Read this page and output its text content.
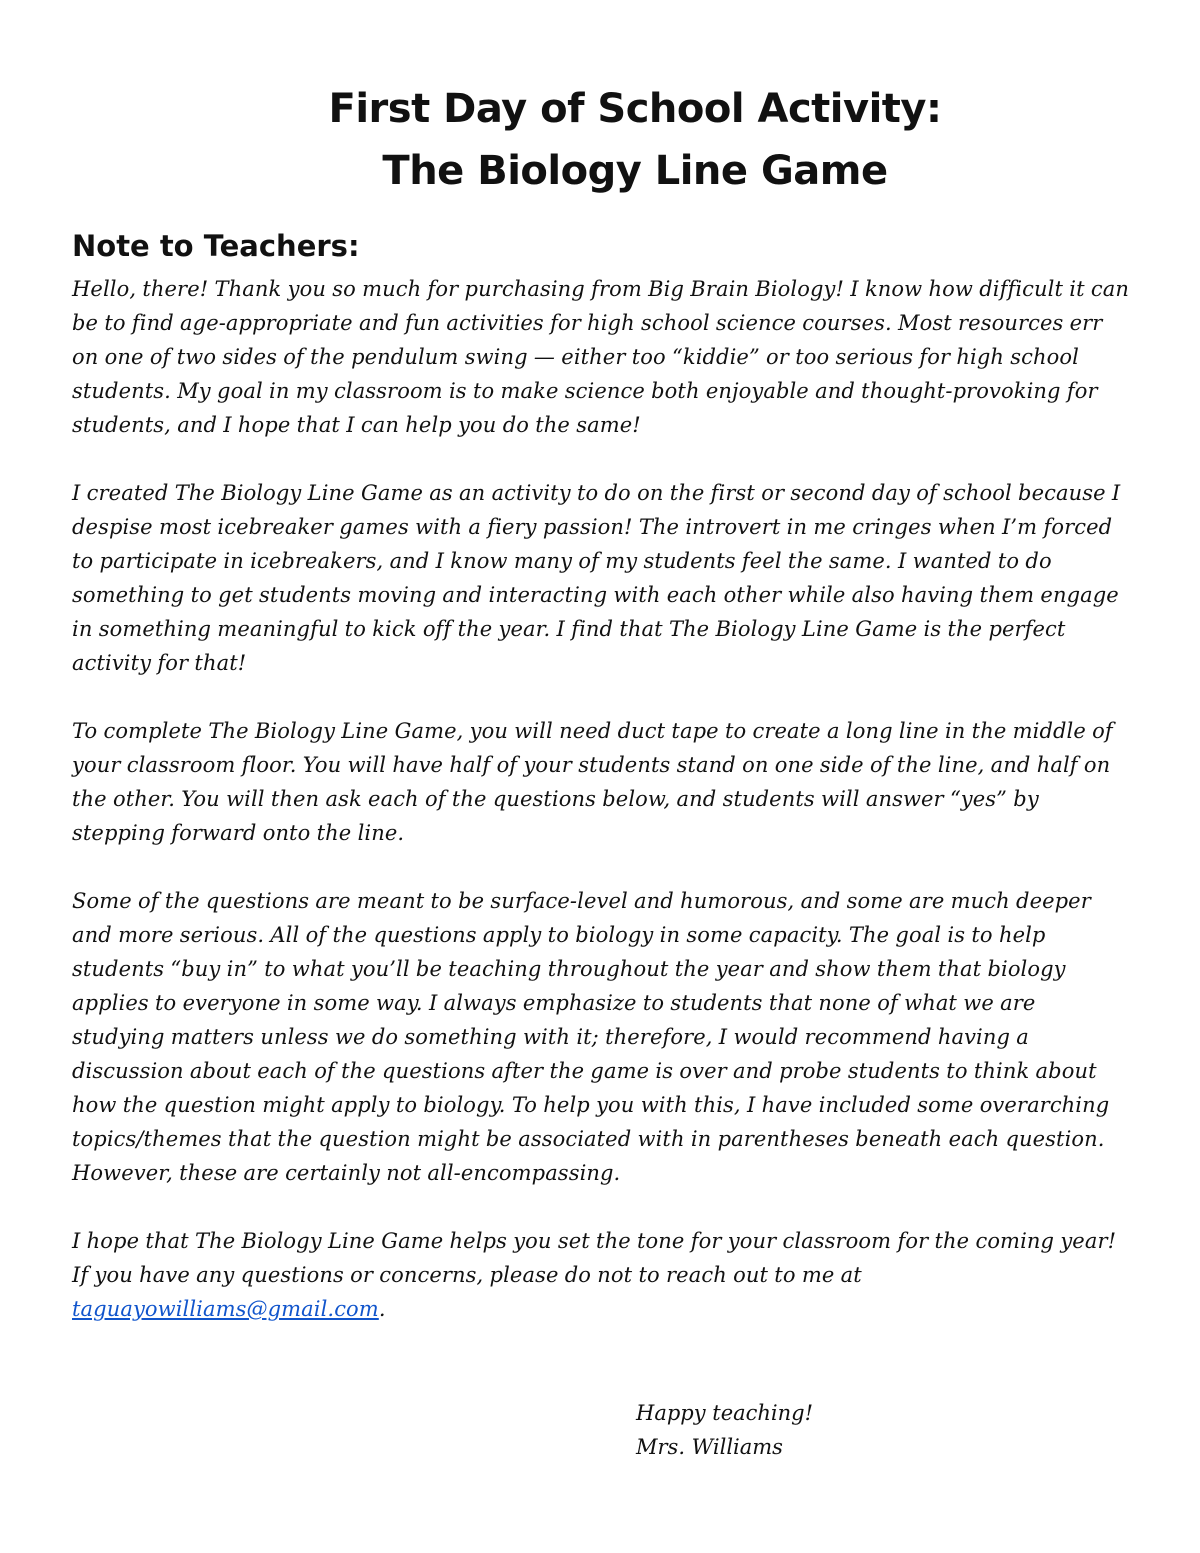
First Day of School Activity:
The Biology Line Game
Note to Teachers:

Hello, there! Thank you so much for purchasing from Big Brain Biology! I know how difficult it can be to find age-appropriate and fun activities for high school science courses. Most resources err on one of two sides of the pendulum swing — either too “kiddie” or too serious for high school students. My goal in my classroom is to make science both enjoyable and thought-provoking for students, and I hope that I can help you do the same!

I created The Biology Line Game as an activity to do on the first or second day of school because I despise most icebreaker games with a fiery passion! The introvert in me cringes when I’m forced to participate in icebreakers, and I know many of my students feel the same. I wanted to do something to get students moving and interacting with each other while also having them engage in something meaningful to kick off the year. I find that The Biology Line Game is the perfect activity for that!

To complete The Biology Line Game, you will need duct tape to create a long line in the middle of your classroom floor. You will have half of your students stand on one side of the line, and half on the other. You will then ask each of the questions below, and students will answer “yes” by stepping forward onto the line.

Some of the questions are meant to be surface-level and humorous, and some are much deeper and more serious. All of the questions apply to biology in some capacity. The goal is to help students “buy in” to what you’ll be teaching throughout the year and show them that biology applies to everyone in some way. I always emphasize to students that none of what we are studying matters unless we do something with it; therefore, I would recommend having a discussion about each of the questions after the game is over and probe students to think about how the question might apply to biology. To help you with this, I have included some overarching topics/themes that the question might be associated with in parentheses beneath each question. However, these are certainly not all-encompassing.

I hope that The Biology Line Game helps you set the tone for your classroom for the coming year! If you have any questions or concerns, please do not to reach out to me at
taguayowilliams@gmail.com.

Happy teaching!
Mrs. Williams
